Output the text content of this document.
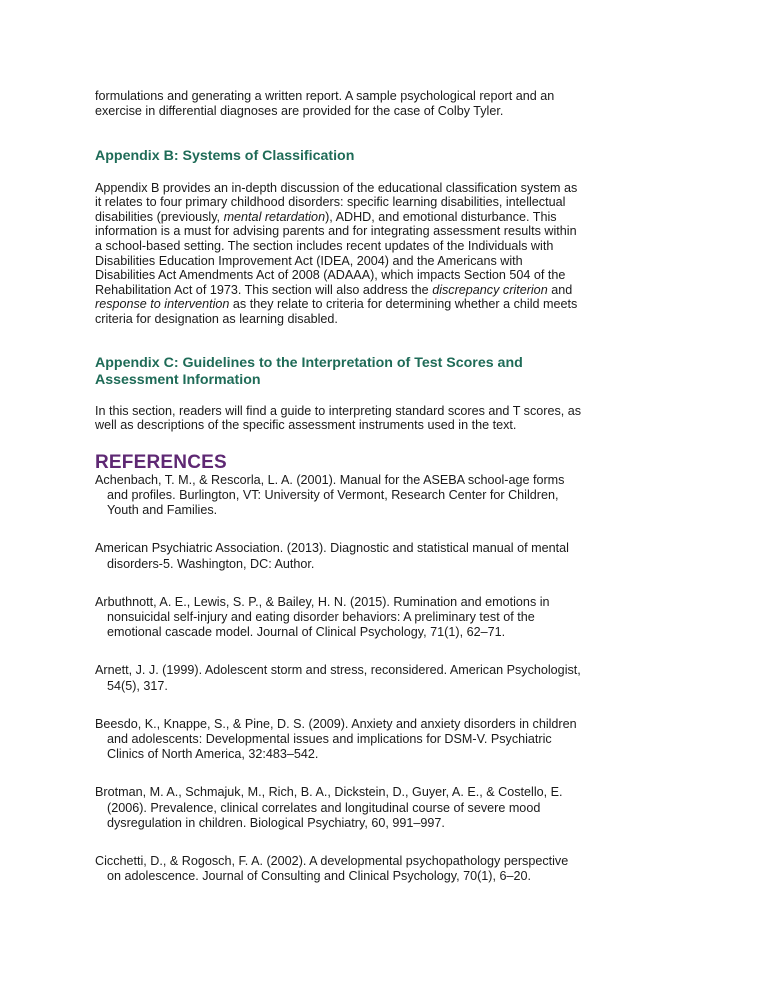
formulations and generating a written report. A sample psychological report and an exercise in differential diagnoses are provided for the case of Colby Tyler.

Appendix B: Systems of Classification

Appendix B provides an in-depth discussion of the educational classification system as it relates to four primary childhood disorders: specific learning disabilities, intellectual disabilities (previously, mental retardation), ADHD, and emotional disturbance. This information is a must for advising parents and for integrating assessment results within a school-based setting. The section includes recent updates of the Individuals with Disabilities Education Improvement Act (IDEA, 2004) and the Americans with Disabilities Act Amendments Act of 2008 (ADAAA), which impacts Section 504 of the Rehabilitation Act of 1973. This section will also address the discrepancy criterion and response to intervention as they relate to criteria for determining whether a child meets criteria for designation as learning disabled.

Appendix C: Guidelines to the Interpretation of Test Scores and Assessment Information

In this section, readers will find a guide to interpreting standard scores and T scores, as well as descriptions of the specific assessment instruments used in the text.

REFERENCES

Achenbach, T. M., & Rescorla, L. A. (2001). Manual for the ASEBA school-age forms and profiles. Burlington, VT: University of Vermont, Research Center for Children, Youth and Families.

American Psychiatric Association. (2013). Diagnostic and statistical manual of mental disorders-5. Washington, DC: Author.

Arbuthnott, A. E., Lewis, S. P., & Bailey, H. N. (2015). Rumination and emotions in nonsuicidal self-injury and eating disorder behaviors: A preliminary test of the emotional cascade model. Journal of Clinical Psychology, 71(1), 62–71.

Arnett, J. J. (1999). Adolescent storm and stress, reconsidered. American Psychologist, 54(5), 317.

Beesdo, K., Knappe, S., & Pine, D. S. (2009). Anxiety and anxiety disorders in children and adolescents: Developmental issues and implications for DSM-V. Psychiatric Clinics of North America, 32:483–542.

Brotman, M. A., Schmajuk, M., Rich, B. A., Dickstein, D., Guyer, A. E., & Costello, E. (2006). Prevalence, clinical correlates and longitudinal course of severe mood dysregulation in children. Biological Psychiatry, 60, 991–997.

Cicchetti, D., & Rogosch, F. A. (2002). A developmental psychopathology perspective on adolescence. Journal of Consulting and Clinical Psychology, 70(1), 6–20.
